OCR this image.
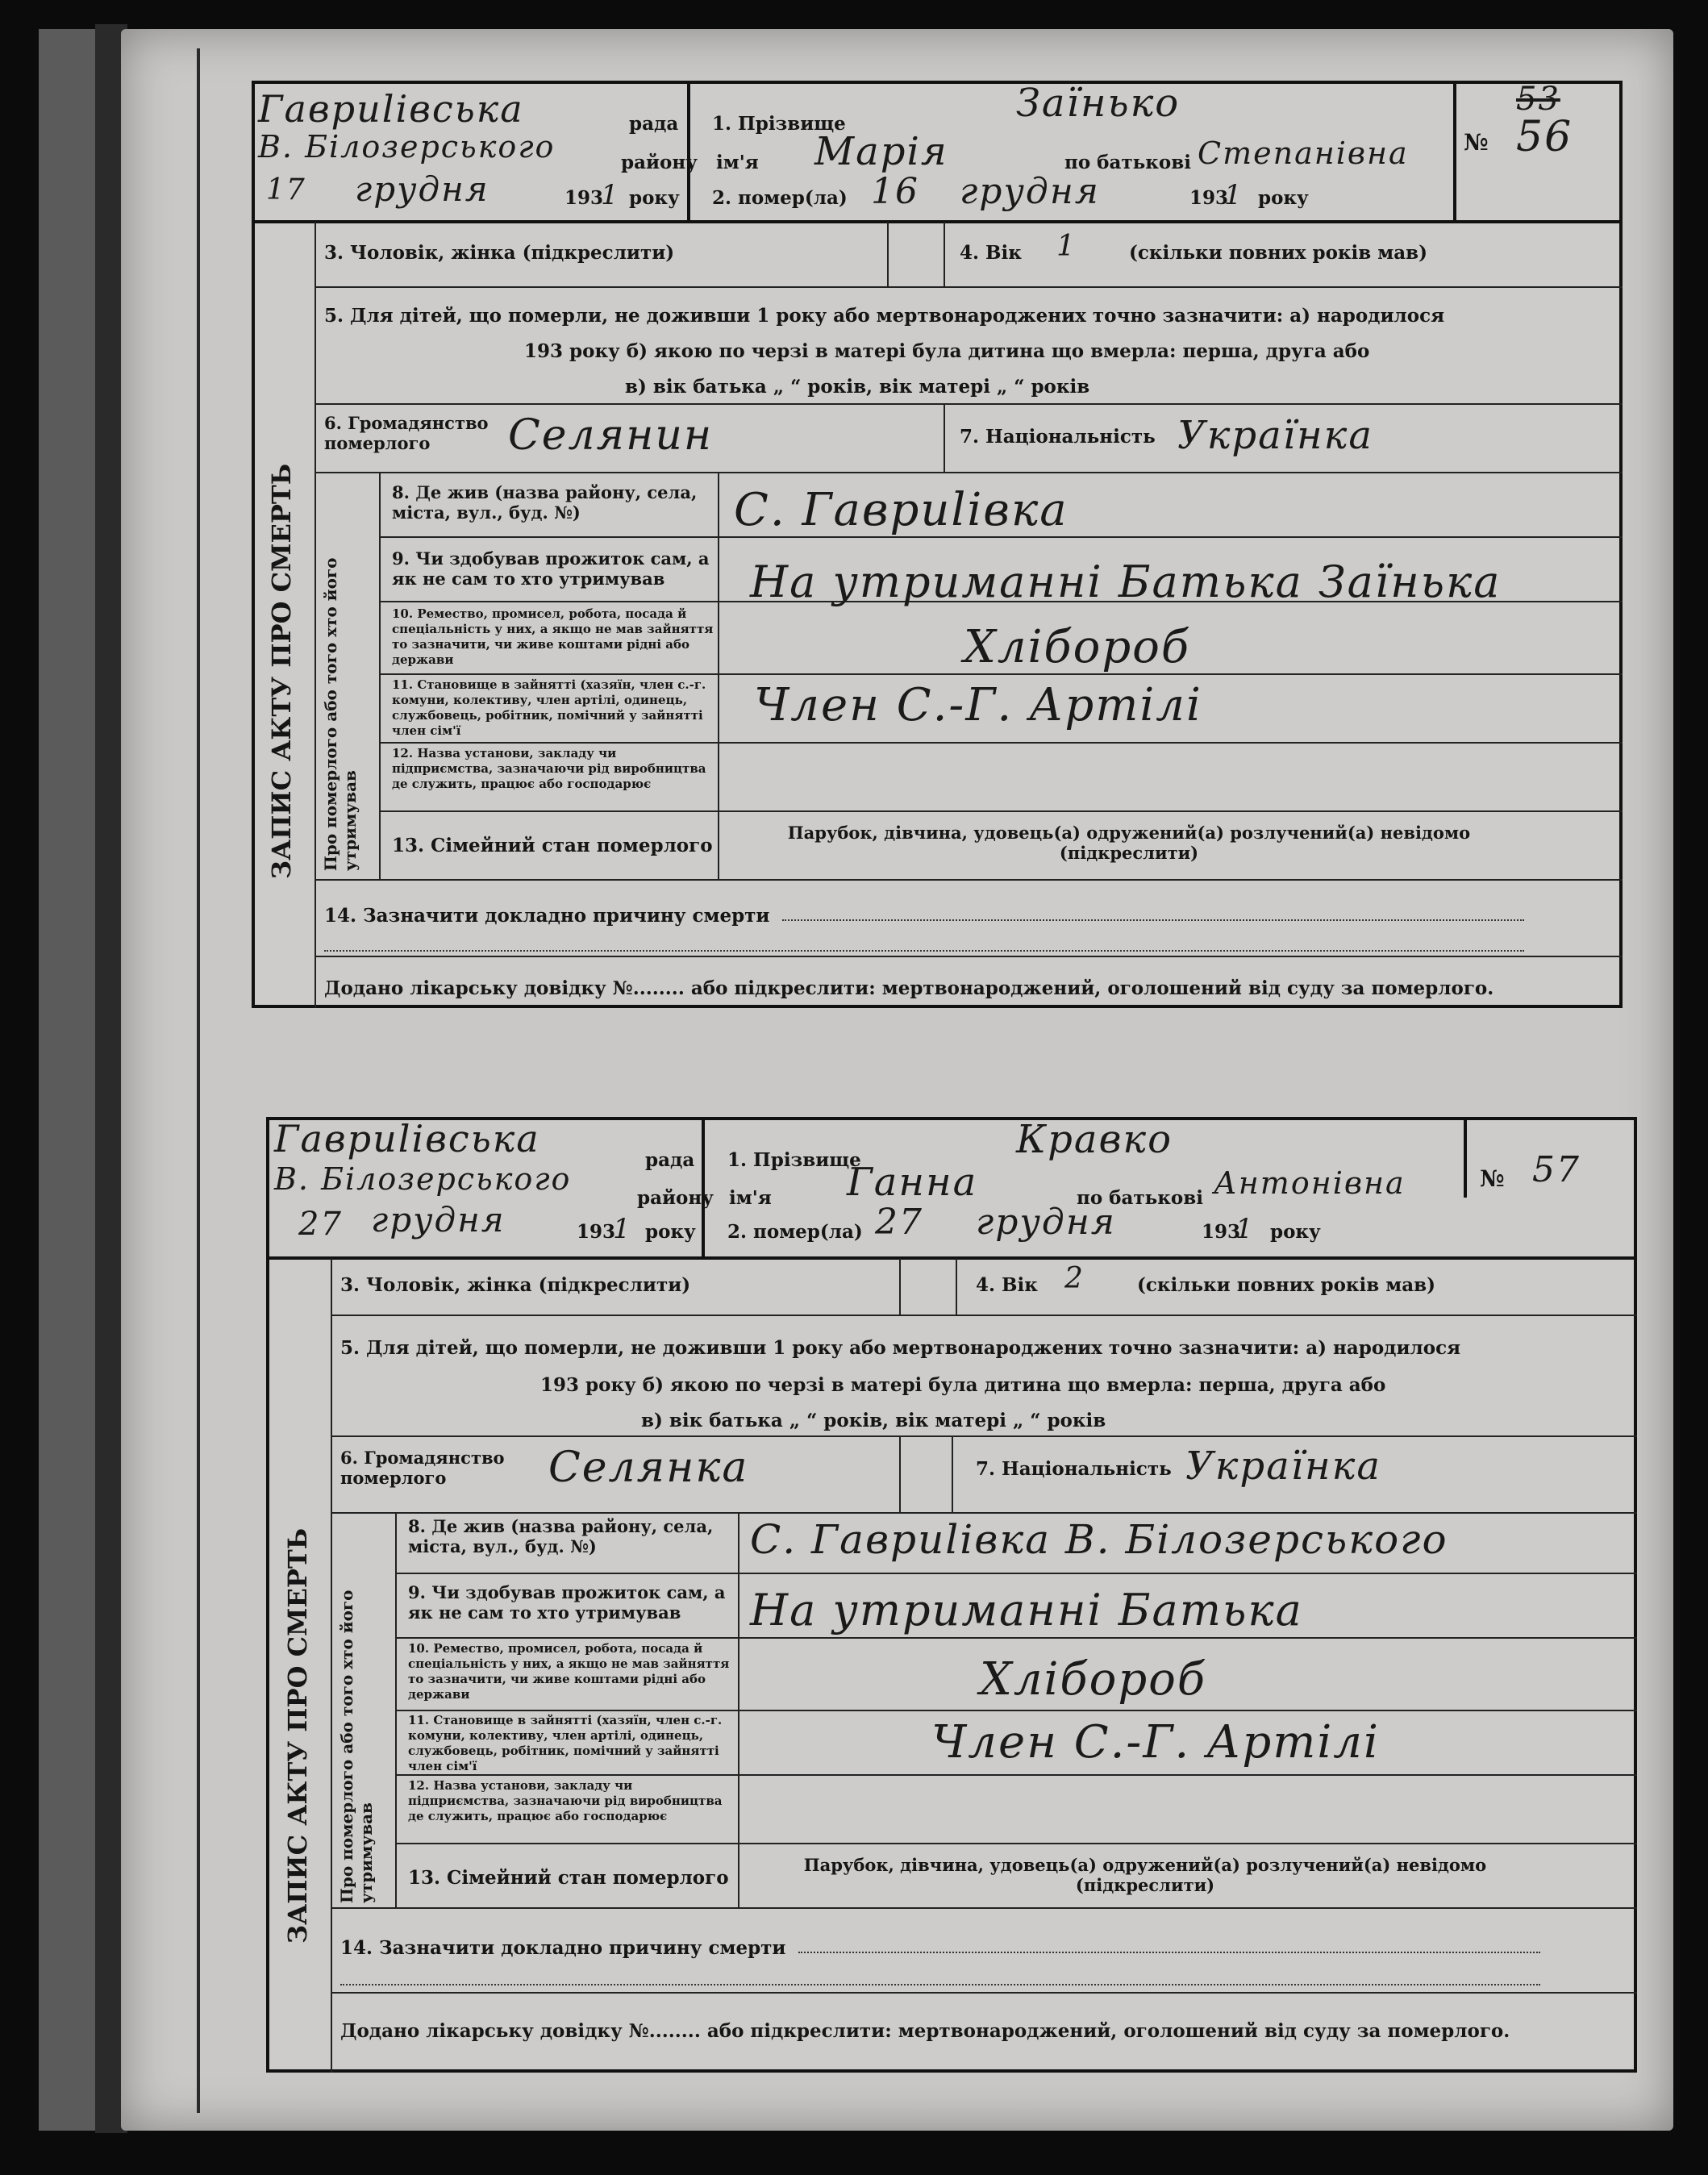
Гавриlівська	рада
В. Білозерського	району
17 грудня	193
1 року
1. Прізвище	Заїнько
ім'я Марія	по батькові Степанівна
2. помер(ла) 16 грудня	193
1 року
№
53
56
3. Чоловік, жінка (підкреслити)	4. Вік 1	(скільки повних років мав)
5. Для дітей, що померли, не доживши 1 року або мертвонароджених точно зазначити: а) народилося
193 року б) якою по черзі в матері була дитина що вмерла: перша, друга або
в) вік батька „ “ років, вік матері „ “ років
6. Громадянство померлого	Селянин	7. Національність Українка
ЗАПИС АКТУ ПРО СМЕРТЬ Про померлого або того хто його утримував
8. Де жив (назва району, села, міста, вул., буд. №)	С. Гавриlівка
9. Чи здобував прожиток сам, а як не сам то хто утримував	На утриманні Батька Заїнька
10. Ремество, промисел, робота, посада й спеціальність у них, а якщо не мав зайняття то зазначити, чи живе коштами рідні або держави	Хлібороб
11. Становище в зайнятті (хазяїн, член с.-г. комуни, колективу, член артілі, одинець, службовець, робітник, помічний у зайнятті член сім'ї	Член С.-Г. Артілі
12. Назва установи, закладу чи підприємства, зазначаючи рід виробництва де служить, працює або господарює
13. Сімейний стан померлого
Парубок, дівчина, удовець(а) одружений(а) розлучений(а) невідомо (підкреслити)
14. Зазначити докладно причину смерти
Додано лікарську довідку №........ або підкреслити: мертвонароджений, оголошений від суду за померлого.
Гавриlівська	рада
В. Білозерського
району
27 грудня	193
1 року
1. Прізвище	Кравко
ім'я Ганна	по батькові Антонівна
2. помер(ла) 27 грудня	193
1 року
№ 57
3. Чоловік, жінка (підкреслити)	4. Вік 2	(скільки повних років мав)
5. Для дітей, що померли, не доживши 1 року або мертвонароджених точно зазначити: а) народилося
193 року б) якою по черзі в матері була дитина що вмерла: перша, друга або
в) вік батька „ “ років, вік матері „ “ років
6. Громадянство померлого	Селянка	7. Національність Українка
ЗАПИС АКТУ ПРО СМЕРТЬ Про померлого або того хто його утримував
8. Де жив (назва району, села, міста, вул., буд. №)	С. Гавриlівка В. Білозерського
9. Чи здобував прожиток сам, а як не сам то хто утримував	На утриманні Батька
10. Ремество, промисел, робота, посада й спеціальність у них, а якщо не мав зайняття то зазначити, чи живе коштами рідні або держави	Хлібороб
11. Становище в зайнятті (хазяїн, член с.-г. комуни, колективу, член артілі, одинець, службовець, робітник, помічний у зайнятті член сім'ї	Член С.-Г. Артілі
12. Назва установи, закладу чи підприємства, зазначаючи рід виробництва де служить, працює або господарює
13. Сімейний стан померлого
Парубок, дівчина, удовець(а) одружений(а) розлучений(а) невідомо (підкреслити)
14. Зазначити докладно причину смерти
Додано лікарську довідку №........ або підкреслити: мертвонароджений, оголошений від суду за померлого.
